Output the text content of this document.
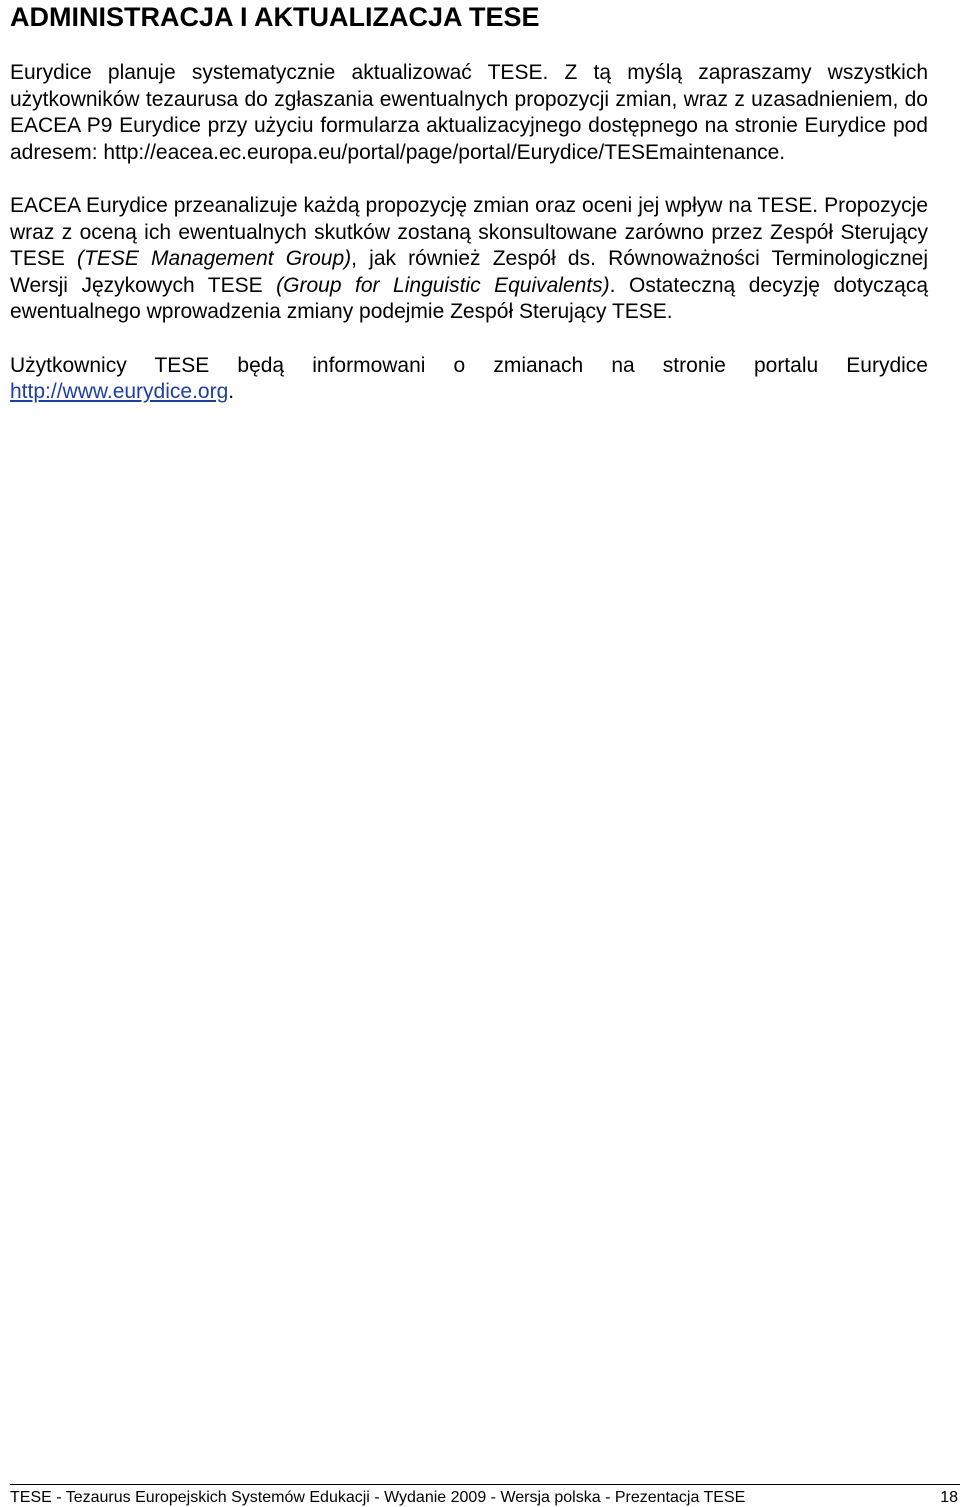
ADMINISTRACJA I AKTUALIZACJA TESE

Eurydice planuje systematycznie aktualizować TESE. Z tą myślą zapraszamy wszystkich użytkowników tezaurusa do zgłaszania ewentualnych propozycji zmian, wraz z uzasadnieniem, do EACEA P9 Eurydice przy użyciu formularza aktualizacyjnego dostępnego na stronie Eurydice pod adresem: http://eacea.ec.europa.eu/portal/page/portal/Eurydice/TESEmaintenance.

EACEA Eurydice przeanalizuje każdą propozycję zmian oraz oceni jej wpływ na TESE. Propozycje wraz z oceną ich ewentualnych skutków zostaną skonsultowane zarówno przez Zespół Sterujący TESE (TESE Management Group), jak również Zespół ds. Równoważności Terminologicznej Wersji Językowych TESE (Group for Linguistic Equivalents). Ostateczną decyzję dotyczącą ewentualnego wprowadzenia zmiany podejmie Zespół Sterujący TESE.

Użytkownicy TESE będą informowani o zmianach na stronie portalu Eurydice http://www.eurydice.org.

TESE - Tezaurus Europejskich Systemów Edukacji - Wydanie 2009 - Wersja polska - Prezentacja TESE	18
